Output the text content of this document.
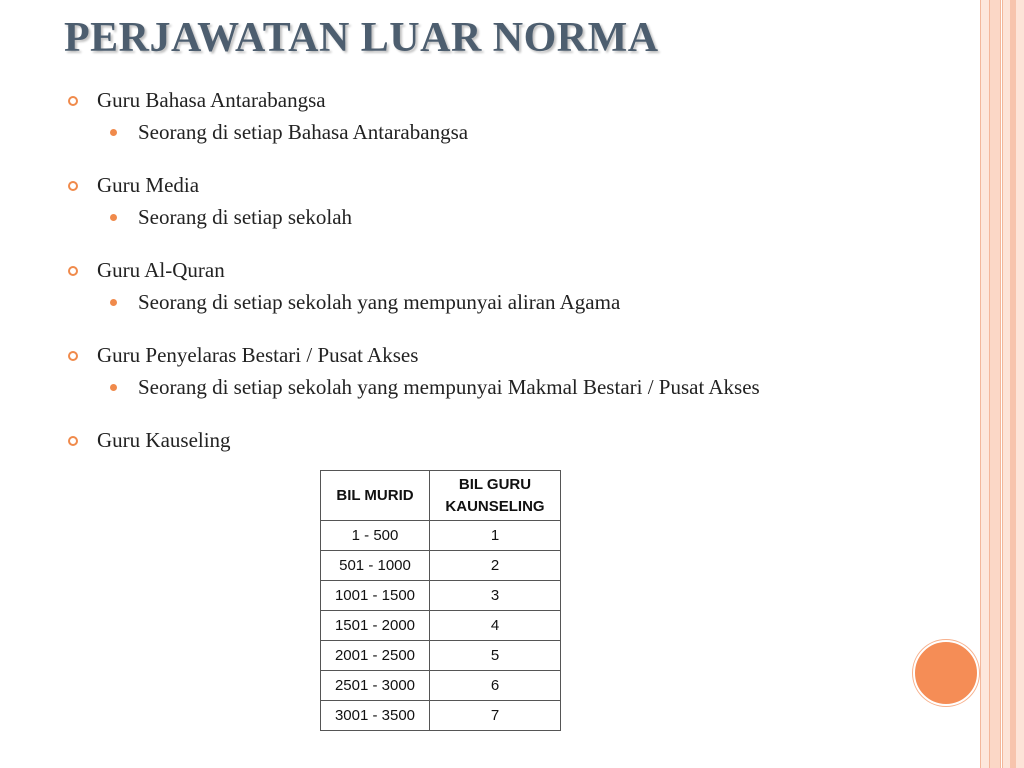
PERJAWATAN LUAR NORMA
Guru Bahasa Antarabangsa
Seorang di setiap Bahasa Antarabangsa
Guru Media
Seorang di setiap sekolah
Guru Al-Quran
Seorang di setiap sekolah yang mempunyai aliran Agama
Guru Penyelaras Bestari / Pusat Akses
Seorang di setiap sekolah yang mempunyai Makmal Bestari / Pusat Akses
Guru Kauseling
BIL MURID	BIL GURU
KAUNSELING
1 - 500	1
501 - 1000	2
1001 - 1500	3
1501 - 2000	4
2001 - 2500	5
2501 - 3000	6
3001 - 3500	7
